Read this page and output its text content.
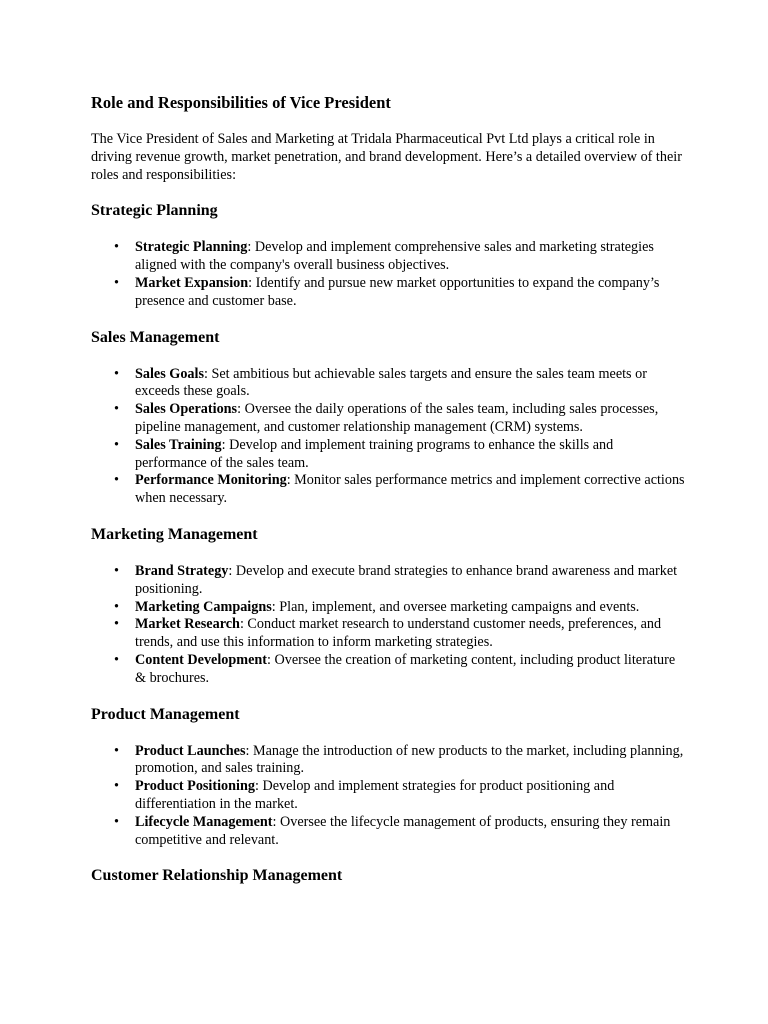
Role and Responsibilities of Vice President

The Vice President of Sales and Marketing at Tridala Pharmaceutical Pvt Ltd plays a critical role in driving revenue growth, market penetration, and brand development. Here’s a detailed overview of their roles and responsibilities:

Strategic Planning
• Strategic Planning: Develop and implement comprehensive sales and marketing strategies aligned with the company's overall business objectives.
• Market Expansion: Identify and pursue new market opportunities to expand the company’s presence and customer base.
Sales Management
• Sales Goals: Set ambitious but achievable sales targets and ensure the sales team meets or exceeds these goals.
• Sales Operations: Oversee the daily operations of the sales team, including sales processes, pipeline management, and customer relationship management (CRM) systems.
• Sales Training: Develop and implement training programs to enhance the skills and performance of the sales team.
• Performance Monitoring: Monitor sales performance metrics and implement corrective actions when necessary.
Marketing Management
• Brand Strategy: Develop and execute brand strategies to enhance brand awareness and market positioning.
• Marketing Campaigns: Plan, implement, and oversee marketing campaigns and events.
• Market Research: Conduct market research to understand customer needs, preferences, and trends, and use this information to inform marketing strategies.
• Content Development: Oversee the creation of marketing content, including product literature & brochures.
Product Management
• Product Launches: Manage the introduction of new products to the market, including planning, promotion, and sales training.
• Product Positioning: Develop and implement strategies for product positioning and differentiation in the market.
• Lifecycle Management: Oversee the lifecycle management of products, ensuring they remain competitive and relevant.
Customer Relationship Management
